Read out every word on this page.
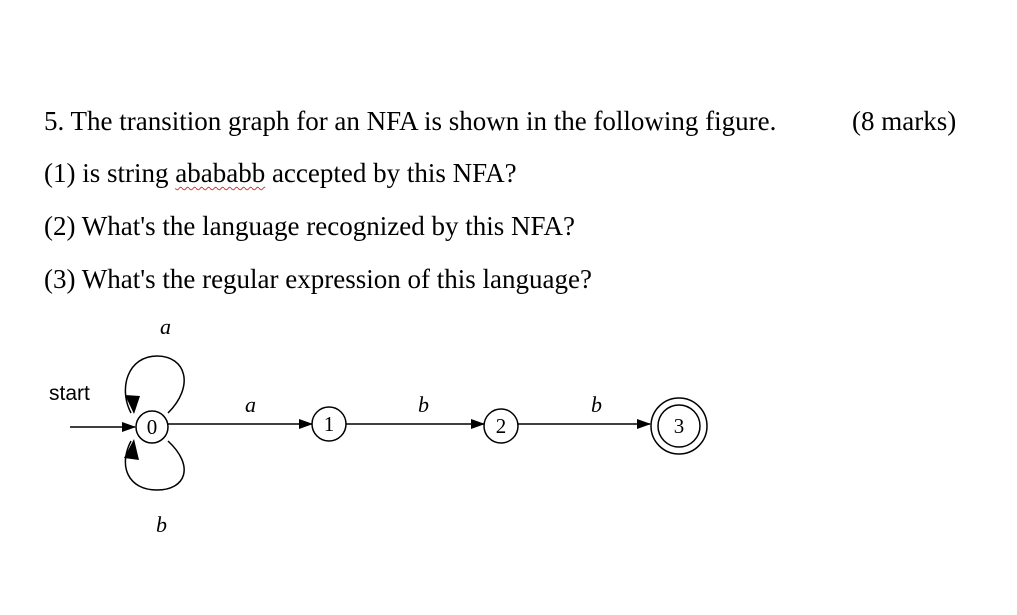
5. The transition graph for an NFA is shown in the following figure.	(8 marks)
(1) is string abababb accepted by this NFA?
(2) What's the language recognized by this NFA?
(3) What's the regular expression of this language?
start
a
b
0
a
1
b
2
b
3
